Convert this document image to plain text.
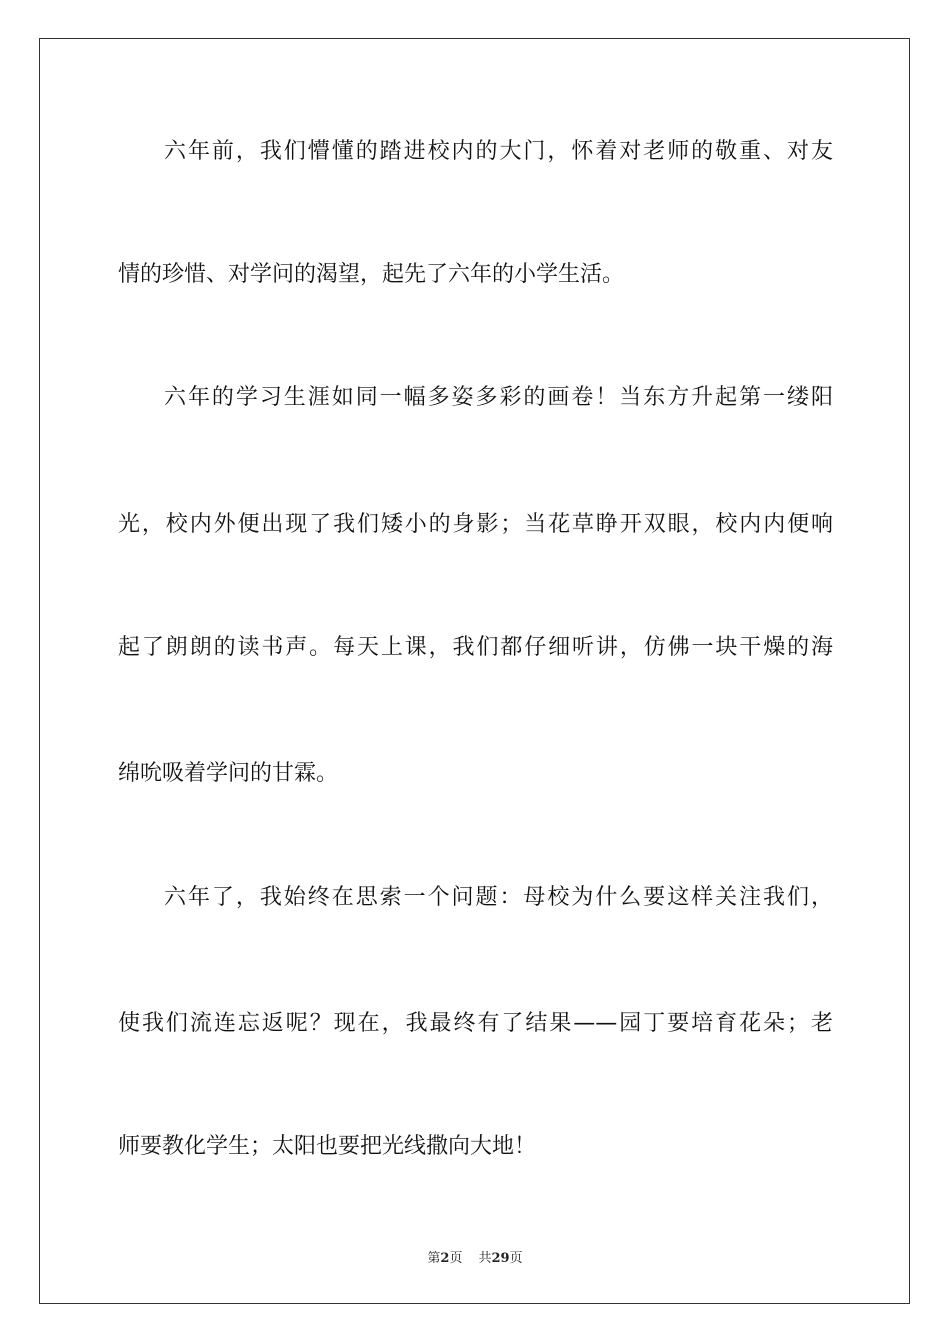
六年前，我们懵懂的踏进校内的大门，怀着对老师的敬重、对友
情的珍惜、对学问的渴望，起先了六年的小学生活。
六年的学习生涯如同一幅多姿多彩的画卷！当东方升起第一缕阳
光，校内外便出现了我们矮小的身影；当花草睁开双眼，校内内便响
起了朗朗的读书声。每天上课，我们都仔细听讲，仿佛一块干燥的海
绵吮吸着学问的甘霖。
六年了，我始终在思索一个问题：母校为什么要这样关注我们，
使我们流连忘返呢？现在，我最终有了结果——园丁要培育花朵；老
师要教化学生；太阳也要把光线撒向大地！
第2页 共29页
